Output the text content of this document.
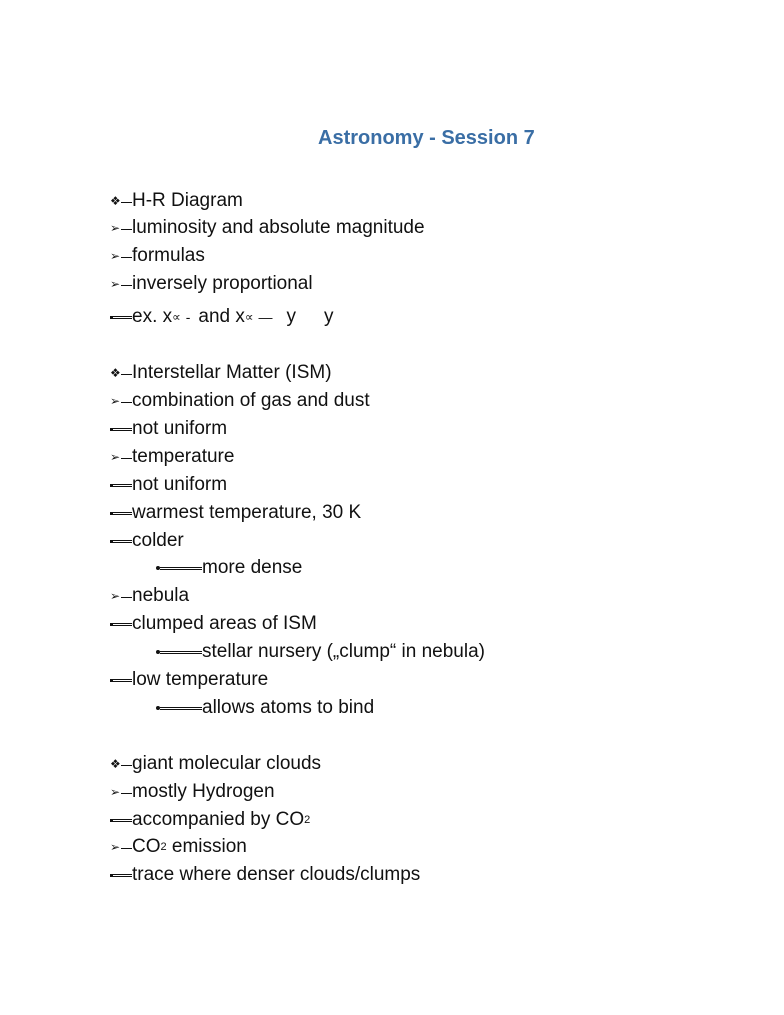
Astronomy - Session 7
❖ H-R Diagram
➢ luminosity and absolute magnitude
➢ formulas
➢ inversely proportional
ex. x ∝ - and x ∝ — y y
❖ Interstellar Matter (ISM)
➢ combination of gas and dust
not uniform
➢ temperature
not uniform
warmest temperature, 30 K
colder
more dense
➢ nebula
clumped areas of ISM
stellar nursery („clump“ in nebula)
low temperature
allows atoms to bind
❖ giant molecular clouds
➢ mostly Hydrogen
accompanied by CO 2
➢ CO 2 emission
trace where denser clouds/clumps
